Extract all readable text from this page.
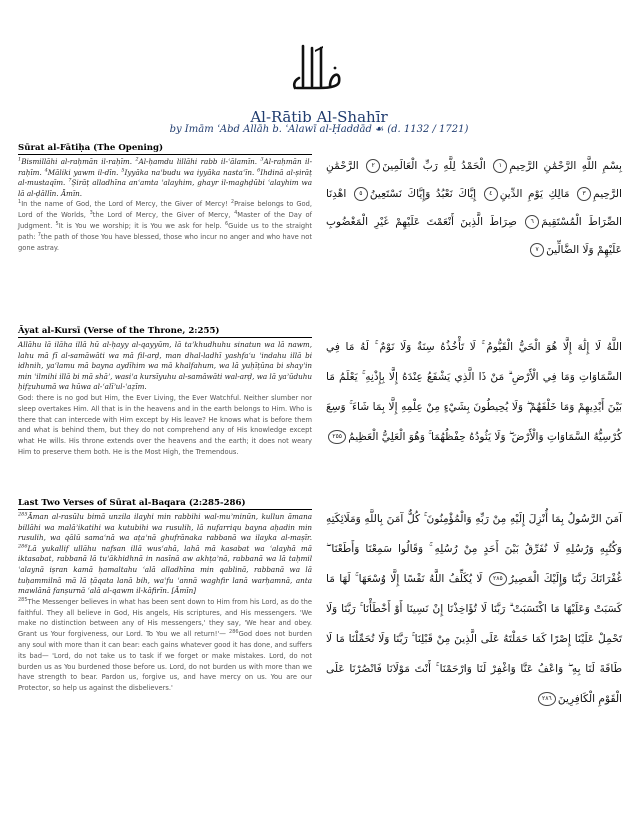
Al-Rātib Al-Shahīr
by Imām ʿAbd Allāh b. ʿAlawī al-Ḥaddād ☙ (d. 1132 / 1721)
Sūrat al-Fātiḥa (The Opening)
$^1$Bismillāhi al-raḥmān il-raḥīm. $^2$Al-ḥamdu lillāhi rabb il-ʿālamīn. $^3$Al-raḥmān il-raḥīm. $^4$Māliki yawm il-dīn. $^5$Iyyāka naʿbudu wa iyyāka nastaʿīn. $^6$Ihdinā al-ṣirāṭ al-mustaqīm. $^7$Ṣirāṭ alladhīna anʿamta ʿalayhim, ghayr il-maghḍūbi ʿalayhim wa lā al-ḍāllīn. Āmīn.
$^1$In the name of God, the Lord of Mercy, the Giver of Mercy! $^2$Praise belongs to God, Lord of the Worlds, $^3$the Lord of Mercy, the Giver of Mercy, $^4$Master of the Day of Judgment. $^5$It is You we worship; it is You we ask for help. $^6$Guide us to the straight path: $^7$the path of those You have blessed, those who incur no anger and who have not gone astray.
بِسْمِ اللَّهِ الرَّحْمَٰنِ الرَّحِيمِ١ الْحَمْدُ لِلَّهِ رَبِّ الْعَالَمِينَ٢ الرَّحْمَٰنِ الرَّحِيمِ٣ مَالِكِ يَوْمِ الدِّينِ٤ إِيَّاكَ نَعْبُدُ وَإِيَّاكَ نَسْتَعِينُ٥ اهْدِنَا الصِّرَاطَ الْمُسْتَقِيمَ٦ صِرَاطَ الَّذِينَ أَنْعَمْتَ عَلَيْهِمْ غَيْرِ الْمَغْضُوبِ عَلَيْهِمْ وَلَا الضَّالِّينَ٧
Āyat al-Kursī (Verse of the Throne, 2:255)
Allāhu lā ilāha illā hū al-ḥayy al-qayyūm, lā taʾkhudhuhu sinatun wa lā nawm, lahu mā fī al-samāwāti wa mā fil-arḍ, man dhal-ladhī yashfaʿu ʿindahu illā bi idhnih, yaʿlamu mā bayna aydīhim wa mā khalfahum, wa lā yuḥīṭūna bi shayʾin min ʿilmihi illā bi mā shāʾ, wasiʿa kursīyuhu al-samāwāti wal-arḍ, wa lā yaʾūduhu ḥifẓuhumā wa hūwa al-ʿalīʾul-ʿaẓīm.
God: there is no god but Him, the Ever Living, the Ever Watchful. Neither slumber nor sleep overtakes Him. All that is in the heavens and in the earth belongs to Him. Who is there that can intercede with Him except by His leave? He knows what is before them and what is behind them, but they do not comprehend any of His knowledge except what He wills. His throne extends over the heavens and the earth; it does not weary Him to preserve them both. He is the Most High, the Tremendous.
اللَّهُ لَا إِلَٰهَ إِلَّا هُوَ الْحَيُّ الْقَيُّومُ ۚ لَا تَأْخُذُهُ سِنَةٌ وَلَا نَوْمٌ ۚ لَهُ مَا فِي السَّمَاوَاتِ وَمَا فِي الْأَرْضِ ۗ مَنْ ذَا الَّذِي يَشْفَعُ عِنْدَهُ إِلَّا بِإِذْنِهِ ۚ يَعْلَمُ مَا بَيْنَ أَيْدِيهِمْ وَمَا خَلْفَهُمْ ۖ وَلَا يُحِيطُونَ بِشَيْءٍ مِنْ عِلْمِهِ إِلَّا بِمَا شَاءَ ۚ وَسِعَ كُرْسِيُّهُ السَّمَاوَاتِ وَالْأَرْضَ ۖ وَلَا يَئُودُهُ حِفْظُهُمَا ۚ وَهُوَ الْعَلِيُّ الْعَظِيمُ٢٥٥
Last Two Verses of Sūrat al-Baqara (2:285-286)
$^{285}$Āman al-rasūlu bimā unzila ilayhi min rabbihi wal-muʾminūn, kullun āmana billāhi wa malāʾikatihi wa kutubihi wa rusulih, lā nufarriqu bayna aḥadin min rusulih, wa qālū samaʿnā wa aṭaʿnā ghufrānaka rabbanā wa ilayka al-maṣīr. $^{286}$Lā yukallif ullāhu nafsan illā wusʿahā, lahā mā kasabat wa ʿalayhā mā iktasabat, rabbanā lā tuʾākhidhnā in nasīnā aw akhṭaʾnā, rabbanā wa lā taḥmil ʿalaynā iṣran kamā ḥamaltahu ʿalā alladhīna min qablinā, rabbanā wa lā tuḥammilnā mā lā ṭāqata lanā bih, waʿfu ʿannā waghfir lanā warḥamnā, anta mawlānā fanṣurnā ʿalā al-qawm il-kāfirīn. [Āmīn]
$^{285}$The Messenger believes in what has been sent down to Him from his Lord, as do the faithful. They all believe in God, His angels, His scriptures, and His messengers. 'We make no distinction between any of His messengers,' they say, 'We hear and obey. Grant us Your forgiveness, our Lord. To You we all return!'— $^{286}$God does not burden any soul with more than it can bear: each gains whatever good it has done, and suffers its bad— 'Lord, do not take us to task if we forget or make mistakes. Lord, do not burden us as You burdened those before us. Lord, do not burden us with more than we have strength to bear. Pardon us, forgive us, and have mercy on us. You are our Protector, so help us against the disbelievers.'
آمَنَ الرَّسُولُ بِمَا أُنْزِلَ إِلَيْهِ مِنْ رَبِّهِ وَالْمُؤْمِنُونَ ۚ كُلٌّ آمَنَ بِاللَّهِ وَمَلَائِكَتِهِ وَكُتُبِهِ وَرُسُلِهِ لَا نُفَرِّقُ بَيْنَ أَحَدٍ مِنْ رُسُلِهِ ۚ وَقَالُوا سَمِعْنَا وَأَطَعْنَا ۖ غُفْرَانَكَ رَبَّنَا وَإِلَيْكَ الْمَصِيرُ٢٨٥ لَا يُكَلِّفُ اللَّهُ نَفْسًا إِلَّا وُسْعَهَا ۚ لَهَا مَا كَسَبَتْ وَعَلَيْهَا مَا اكْتَسَبَتْ ۗ رَبَّنَا لَا تُؤَاخِذْنَا إِنْ نَسِينَا أَوْ أَخْطَأْنَا ۚ رَبَّنَا وَلَا تَحْمِلْ عَلَيْنَا إِصْرًا كَمَا حَمَلْتَهُ عَلَى الَّذِينَ مِنْ قَبْلِنَا ۚ رَبَّنَا وَلَا تُحَمِّلْنَا مَا لَا طَاقَةَ لَنَا بِهِ ۖ وَاعْفُ عَنَّا وَاغْفِرْ لَنَا وَارْحَمْنَا ۚ أَنْتَ مَوْلَانَا فَانْصُرْنَا عَلَى الْقَوْمِ الْكَافِرِينَ٢٨٦
